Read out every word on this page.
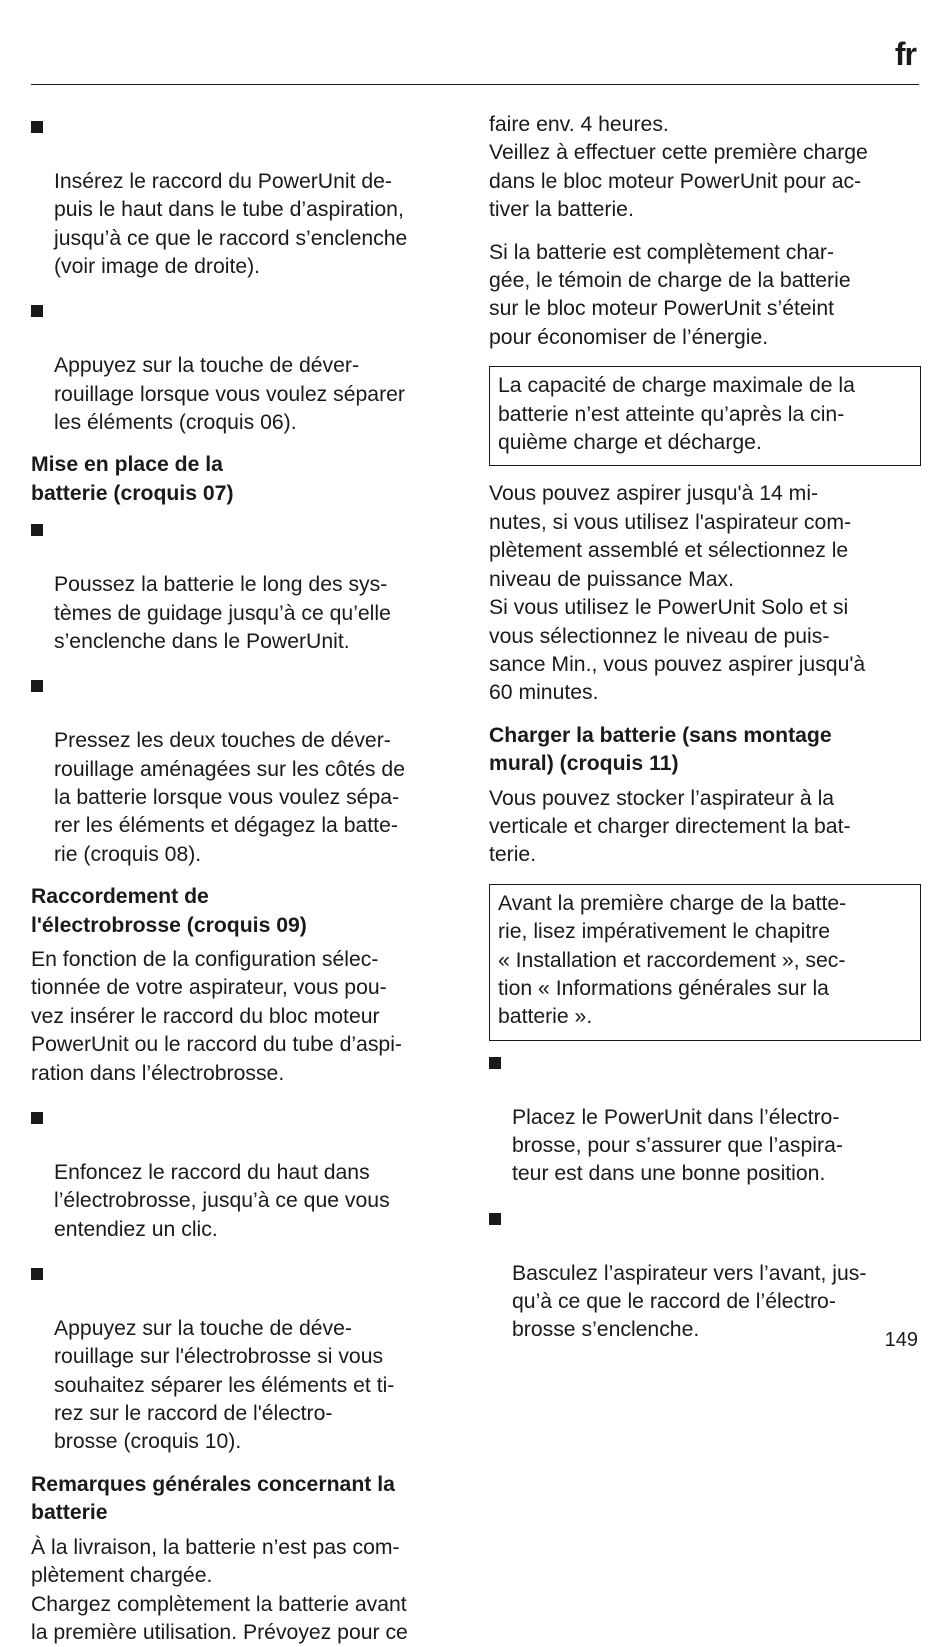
fr

Insérez le raccord du PowerUnit de-
puis le haut dans le tube d’aspiration,
jusqu’à ce que le raccord s’enclenche
(voir image de droite).

Appuyez sur la touche de déver-
rouillage lorsque vous voulez séparer
les éléments (croquis 06).

Mise en place de la
batterie (croquis 07)

Poussez la batterie le long des sys-
tèmes de guidage jusqu’à ce qu’elle
s’enclenche dans le PowerUnit.

Pressez les deux touches de déver-
rouillage aménagées sur les côtés de
la batterie lorsque vous voulez sépa-
rer les éléments et dégagez la batte-
rie (croquis 08).

Raccordement de
l'électrobrosse (croquis 09)

En fonction de la configuration sélec-
tionnée de votre aspirateur, vous pou-
vez insérer le raccord du bloc moteur
PowerUnit ou le raccord du tube d’aspi-
ration dans l’électrobrosse.

Enfoncez le raccord du haut dans
l’électrobrosse, jusqu’à ce que vous
entendiez un clic.

Appuyez sur la touche de déve-
rouillage sur l'électrobrosse si vous
souhaitez séparer les éléments et ti-
rez sur le raccord de l'électro-
brosse (croquis 10).

Remarques générales concernant la
batterie

À la livraison, la batterie n’est pas com-
plètement chargée.
Chargez complètement la batterie avant
la première utilisation. Prévoyez pour ce

faire env. 4 heures.
Veillez à effectuer cette première charge
dans le bloc moteur PowerUnit pour ac-
tiver la batterie.

Si la batterie est complètement char-
gée, le témoin de charge de la batterie
sur le bloc moteur PowerUnit s’éteint
pour économiser de l’énergie.

La capacité de charge maximale de la
batterie n’est atteinte qu’après la cin-
quième charge et décharge.

Vous pouvez aspirer jusqu'à 14 mi-
nutes, si vous utilisez l'aspirateur com-
plètement assemblé et sélectionnez le
niveau de puissance Max.
Si vous utilisez le PowerUnit Solo et si
vous sélectionnez le niveau de puis-
sance Min., vous pouvez aspirer jusqu'à
60 minutes.

Charger la batterie (sans montage
mural) (croquis 11)

Vous pouvez stocker l’aspirateur à la
verticale et charger directement la bat-
terie.

Avant la première charge de la batte-
rie, lisez impérativement le chapitre
« Installation et raccordement », sec-
tion « Informations générales sur la
batterie ».

Placez le PowerUnit dans l’électro-
brosse, pour s’assurer que l’aspira-
teur est dans une bonne position.

Basculez l’aspirateur vers l’avant, jus-
qu’à ce que le raccord de l’électro-
brosse s’enclenche.	149
